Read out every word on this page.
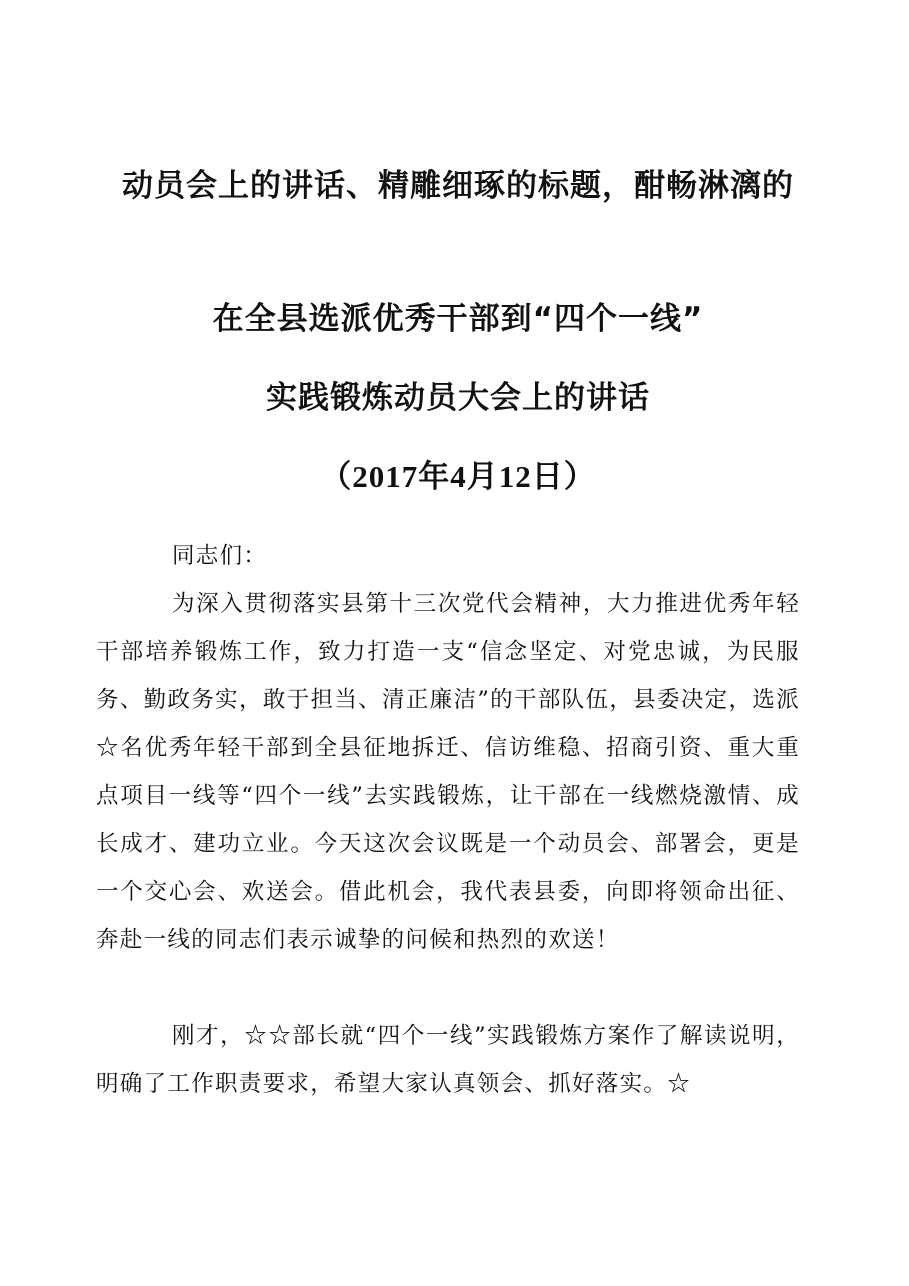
动员会上的讲话、精雕细琢的标题，酣畅淋漓的
在全县选派优秀干部到“四个一线”
实践锻炼动员大会上的讲话
（2017年4月12日）
同志们：
为深入贯彻落实县第十三次党代会精神，大力推进优秀年轻干部培养锻炼工作，致力打造一支“信念坚定、对党忠诚，为民服务、勤政务实，敢于担当、清正廉洁”的干部队伍，县委决定，选派☆名优秀年轻干部到全县征地拆迁、信访维稳、招商引资、重大重点项目一线等“四个一线”去实践锻炼，让干部在一线燃烧激情、成长成才、建功立业。今天这次会议既是一个动员会、部署会，更是一个交心会、欢送会。借此机会，我代表县委，向即将领命出征、奔赴一线的同志们表示诚挚的问候和热烈的欢送！
刚才，☆☆部长就“四个一线”实践锻炼方案作了解读说明，明确了工作职责要求，希望大家认真领会、抓好落实。☆
